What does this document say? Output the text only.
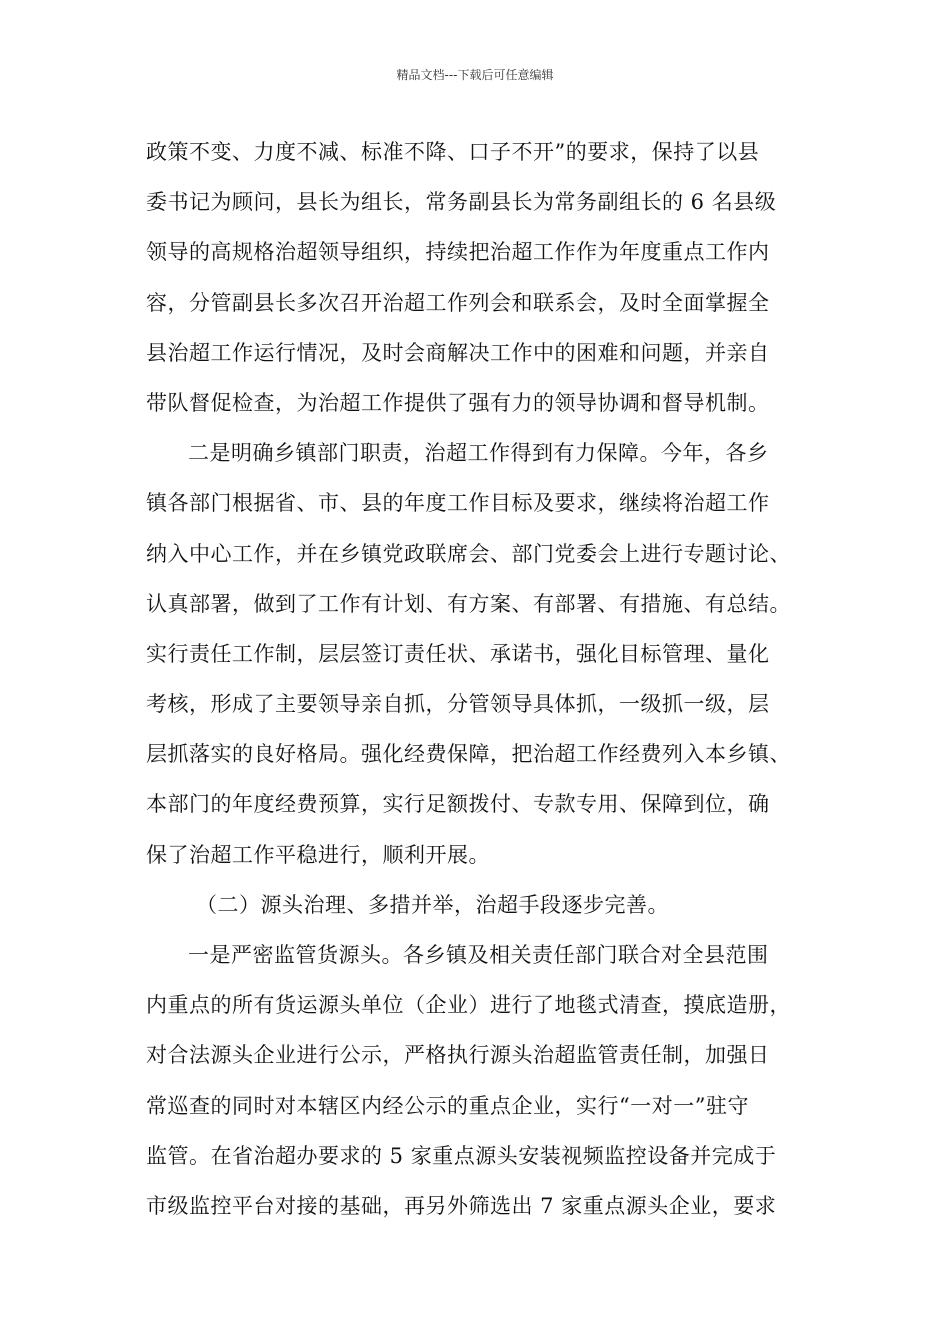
精品文档---下载后可任意编辑
政策不变、力度不减、标准不降、口子不开”的要求，保持了以县
委书记为顾问，县长为组长，常务副县长为常务副组长的 6 名县级
领导的高规格治超领导组织，持续把治超工作作为年度重点工作内
容，分管副县长多次召开治超工作列会和联系会，及时全面掌握全
县治超工作运行情况，及时会商解决工作中的困难和问题，并亲自
带队督促检查，为治超工作提供了强有力的领导协调和督导机制。
二是明确乡镇部门职责，治超工作得到有力保障。今年，各乡
镇各部门根据省、市、县的年度工作目标及要求，继续将治超工作
纳入中心工作，并在乡镇党政联席会、部门党委会上进行专题讨论、
认真部署，做到了工作有计划、有方案、有部署、有措施、有总结。
实行责任工作制，层层签订责任状、承诺书，强化目标管理、量化
考核，形成了主要领导亲自抓，分管领导具体抓，一级抓一级，层
层抓落实的良好格局。强化经费保障，把治超工作经费列入本乡镇、
本部门的年度经费预算，实行足额拨付、专款专用、保障到位，确
保了治超工作平稳进行，顺利开展。
（二）源头治理、多措并举，治超手段逐步完善。
一是严密监管货源头。各乡镇及相关责任部门联合对全县范围
内重点的所有货运源头单位（企业）进行了地毯式清查，摸底造册，
对合法源头企业进行公示，严格执行源头治超监管责任制，加强日
常巡查的同时对本辖区内经公示的重点企业，实行“一对一”驻守
监管。在省治超办要求的 5 家重点源头安装视频监控设备并完成于
市级监控平台对接的基础，再另外筛选出 7 家重点源头企业，要求
